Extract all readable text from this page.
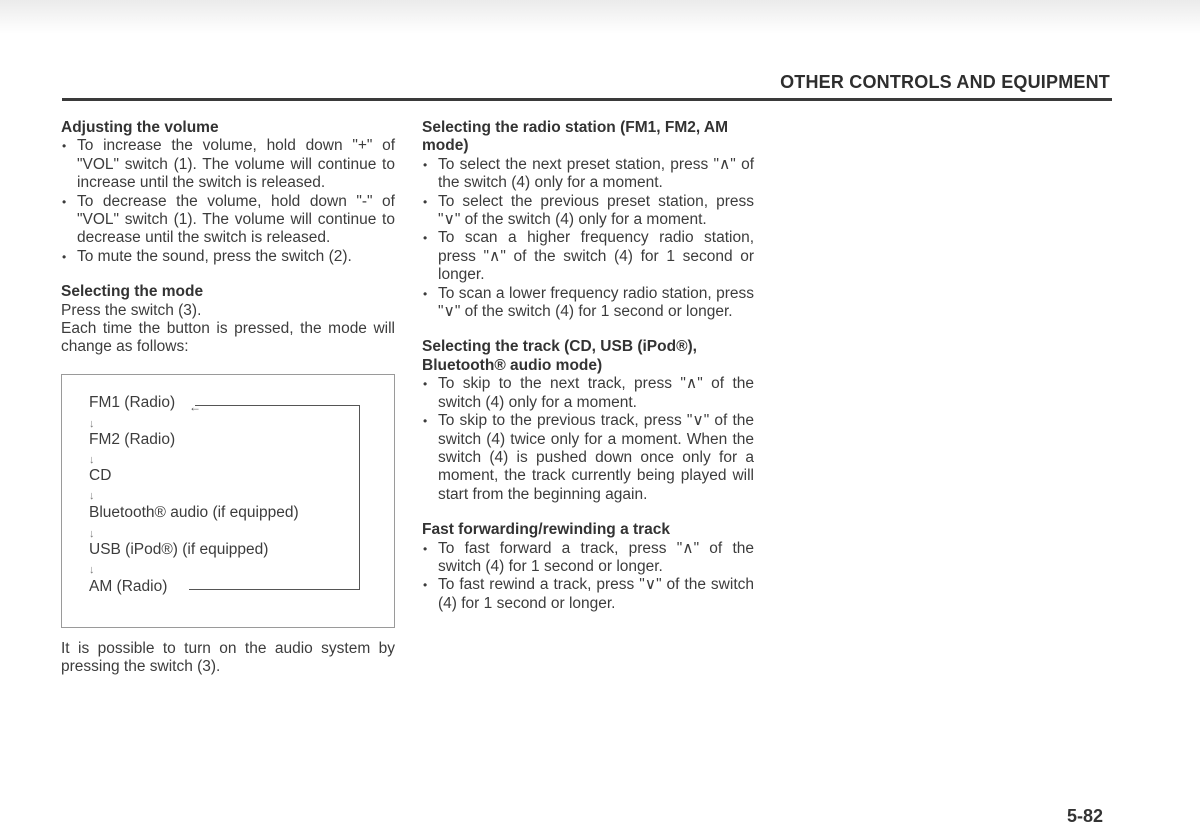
OTHER CONTROLS AND EQUIPMENT
Adjusting the volume
• To increase the volume, hold down "+" of "VOL" switch (1). The volume will continue to increase until the switch is released.
• To decrease the volume, hold down "-" of "VOL" switch (1). The volume will continue to decrease until the switch is released.
• To mute the sound, press the switch (2).
Selecting the mode

Press the switch (3).

Each time the button is pressed, the mode will change as follows:

FM1 (Radio) ←
↓
FM2 (Radio)
↓
CD
↓
Bluetooth® audio (if equipped)
↓
USB (iPod®) (if equipped)
↓
AM (Radio)

It is possible to turn on the audio system by pressing the switch (3).

Selecting the radio station (FM1, FM2, AM mode)
• To select the next preset station, press "∧" of the switch (4) only for a moment.
• To select the previous preset station, press "∨" of the switch (4) only for a moment.
• To scan a higher frequency radio station, press "∧" of the switch (4) for 1 second or longer.
• To scan a lower frequency radio station, press "∨" of the switch (4) for 1 second or longer.
Selecting the track (CD, USB (iPod®), Bluetooth® audio mode)
• To skip to the next track, press "∧" of the switch (4) only for a moment.
• To skip to the previous track, press "∨" of the switch (4) twice only for a moment. When the switch (4) is pushed down once only for a moment, the track currently being played will start from the beginning again.
Fast forwarding/rewinding a track
• To fast forward a track, press "∧" of the switch (4) for 1 second or longer.
• To fast rewind a track, press "∨" of the switch (4) for 1 second or longer.
5-82
